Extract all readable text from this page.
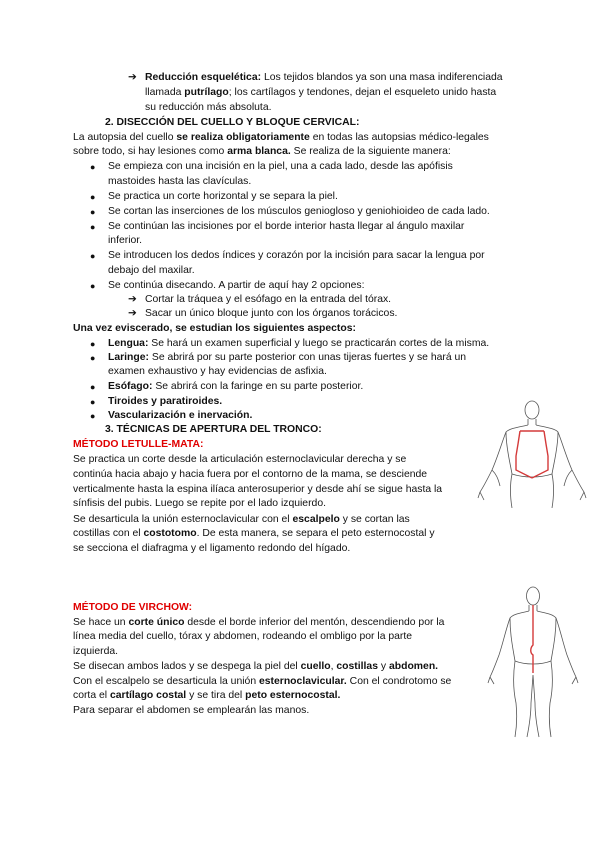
➔ Reducción esquelética: Los tejidos blandos ya son una masa indiferenciada
llamada putrílago; los cartílagos y tendones, dejan el esqueleto unido hasta
su reducción más absoluta.
2. DISECCIÓN DEL CUELLO Y BLOQUE CERVICAL:
La autopsia del cuello se realiza obligatoriamente en todas las autopsias médico-legales
sobre todo, si hay lesiones como arma blanca. Se realiza de la siguiente manera:
● Se empieza con una incisión en la piel, una a cada lado, desde las apófisis
mastoides hasta las clavículas.
● Se practica un corte horizontal y se separa la piel.
● Se cortan las inserciones de los músculos geniogloso y geniohioideo de cada lado.
● Se continúan las incisiones por el borde interior hasta llegar al ángulo maxilar
inferior.
● Se introducen los dedos índices y corazón por la incisión para sacar la lengua por
debajo del maxilar.
● Se continúa disecando. A partir de aquí hay 2 opciones:
➔ Cortar la tráquea y el esófago en la entrada del tórax.
➔ Sacar un único bloque junto con los órganos torácicos.
Una vez eviscerado, se estudian los siguientes aspectos:
● Lengua: Se hará un examen superficial y luego se practicarán cortes de la misma.
● Laringe: Se abrirá por su parte posterior con unas tijeras fuertes y se hará un
examen exhaustivo y hay evidencias de asfixia.
● Esófago: Se abrirá con la faringe en su parte posterior.
● Tiroides y paratiroides.
● Vascularización e inervación.
3. TÉCNICAS DE APERTURA DEL TRONCO:
MÉTODO LETULLE-MATA:
Se practica un corte desde la articulación esternoclavicular derecha y se
continúa hacia abajo y hacia fuera por el contorno de la mama, se desciende
verticalmente hasta la espina ilíaca anterosuperior y desde ahí se sigue hasta la
sínfisis del pubis. Luego se repite por el lado izquierdo.
Se desarticula la unión esternoclavicular con el escalpelo y se cortan las
costillas con el costotomo. De esta manera, se separa el peto esternocostal y
se secciona el diafragma y el ligamento redondo del hígado.
MÉTODO DE VIRCHOW:
Se hace un corte único desde el borde inferior del mentón, descendiendo por la
línea media del cuello, tórax y abdomen, rodeando el ombligo por la parte
izquierda.
Se disecan ambos lados y se despega la piel del cuello, costillas y abdomen.
Con el escalpelo se desarticula la unión esternoclavicular. Con el condrotomo se
corta el cartílago costal y se tira del peto esternocostal.
Para separar el abdomen se emplearán las manos.
